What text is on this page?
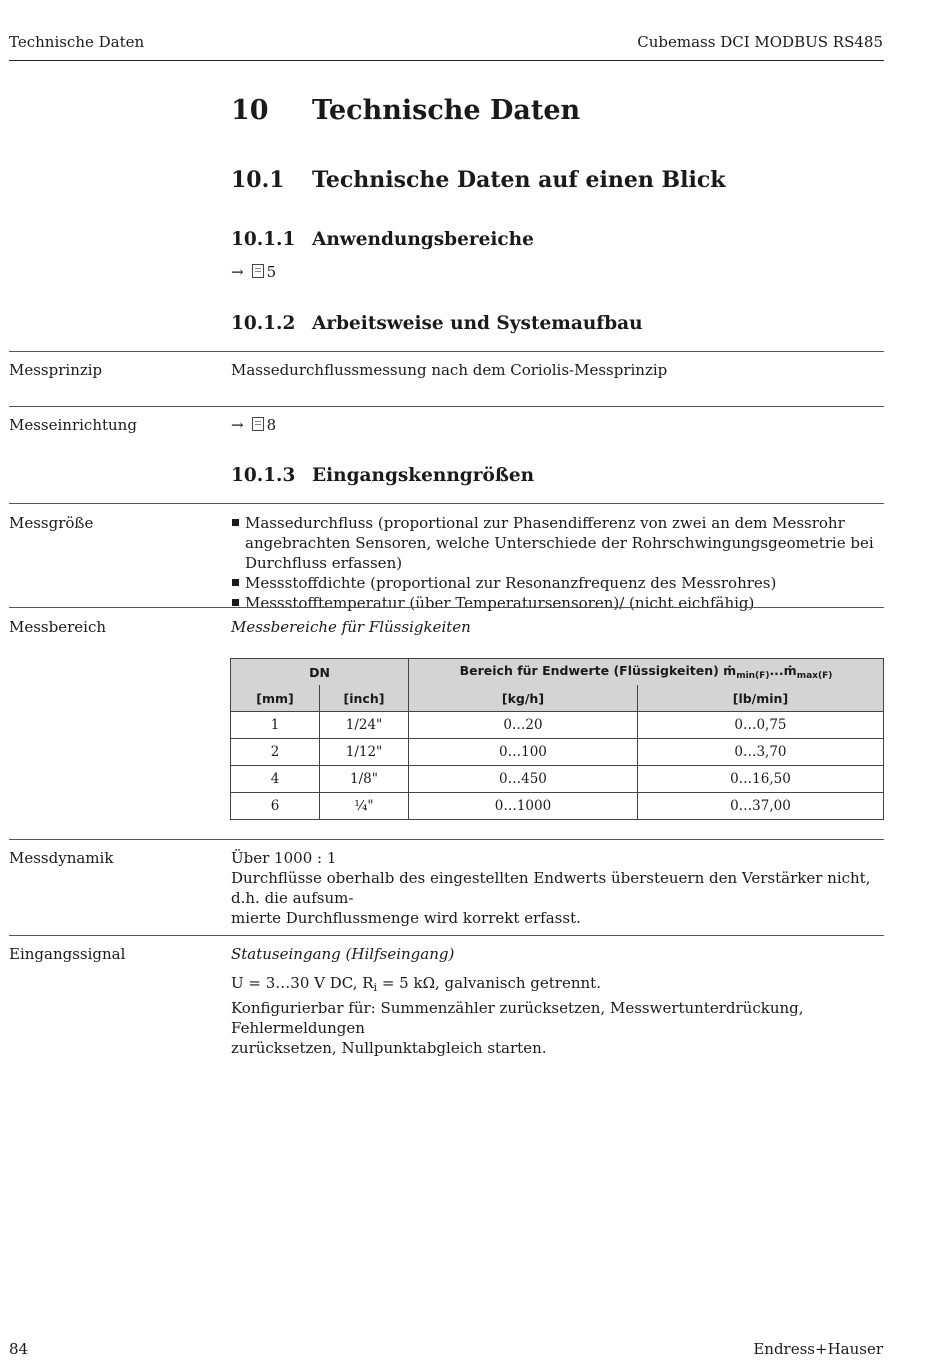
Technische Daten	Cubemass DCI MODBUS RS485
10 Technische Daten
10.1 Technische Daten auf einen Blick
10.1.1 Anwendungsbereiche
→ 5
10.1.2 Arbeitsweise und Systemaufbau
Messprinzip	Massedurchflussmessung nach dem Coriolis-Messprinzip
Messeinrichtung	→ 8
10.1.3 Eingangskenngrößen
Messgröße	Massedurchfluss (proportional zur Phasendifferenz von zwei an dem Messrohr angebrachten Sensoren, welche Unterschiede der Rohrschwingungsgeometrie bei Durchfluss erfassen)
Messstoffdichte (proportional zur Resonanzfrequenz des Messrohres)
Messstofftemperatur (über Temperatursensoren)/ (nicht eichfähig)
Messbereich	Messbereiche für Flüssigkeiten
DN		Bereich für Endwerte (Flüssigkeiten) ṁ$_{min(F)}$...ṁ$_{max(F)}$
[mm]	[inch]	[kg/h]	[lb/min]
1	1/24"	0…20	0…0,75
2	1/12"	0…100	0…3,70
4	1/8"	0…450	0…16,50
6	¼"	0…1000	0…37,00
Messdynamik	Über 1000 : 1
Durchflüsse oberhalb des eingestellten Endwerts übersteuern den Verstärker nicht, d.h. die aufsum-
mierte Durchflussmenge wird korrekt erfasst.
Eingangssignal	Statuseingang (Hilfseingang)
U = 3…30 V DC, $R_i = 5$ kΩ, galvanisch getrennt.
Konfigurierbar für: Summenzähler zurücksetzen, Messwertunterdrückung, Fehlermeldungen
zurücksetzen, Nullpunktabgleich starten.
84	Endress+Hauser
